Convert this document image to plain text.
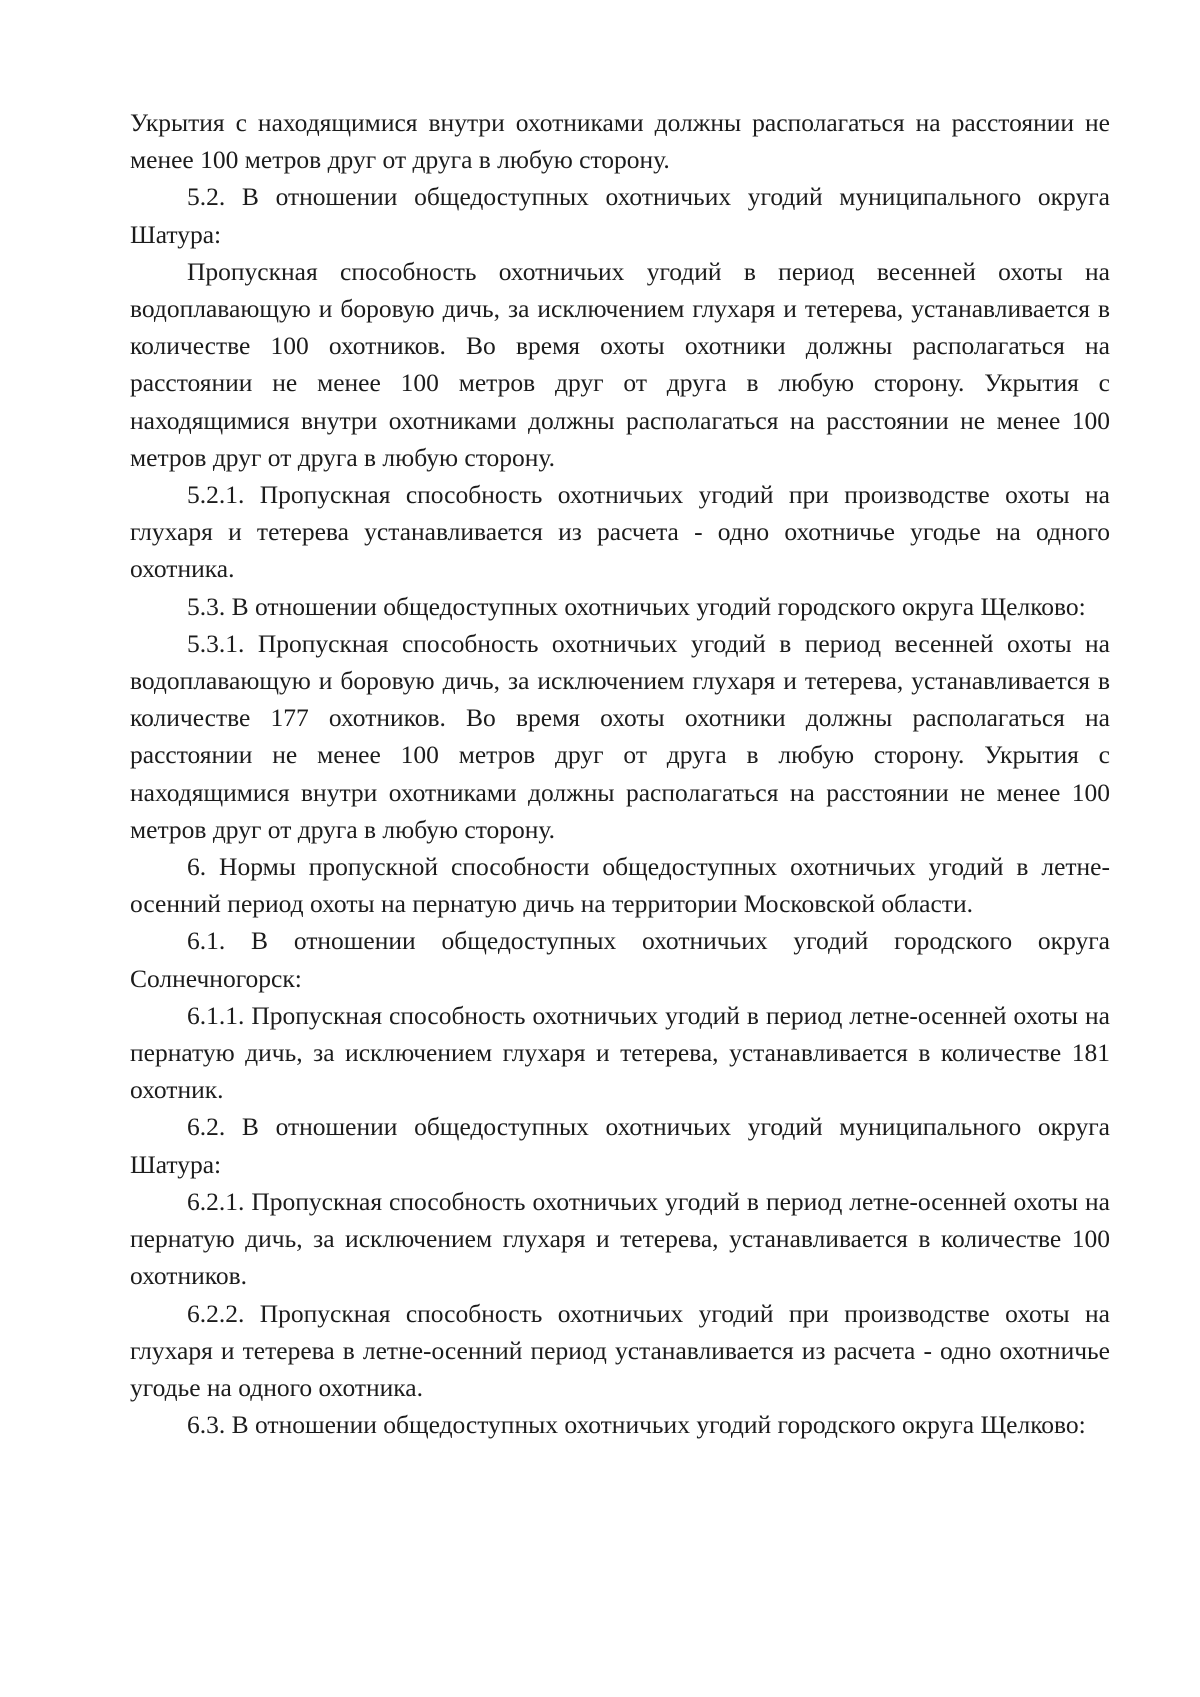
Укрытия с находящимися внутри охотниками должны располагаться на расстоянии не менее 100 метров друг от друга в любую сторону.

5.2. В отношении общедоступных охотничьих угодий муниципального округа Шатура:

Пропускная способность охотничьих угодий в период весенней охоты на водоплавающую и боровую дичь, за исключением глухаря и тетерева, устанавливается в количестве 100 охотников. Во время охоты охотники должны располагаться на расстоянии не менее 100 метров друг от друга в любую сторону. Укрытия с находящимися внутри охотниками должны располагаться на расстоянии не менее 100 метров друг от друга в любую сторону.

5.2.1. Пропускная способность охотничьих угодий при производстве охоты на глухаря и тетерева устанавливается из расчета - одно охотничье угодье на одного охотника.

5.3. В отношении общедоступных охотничьих угодий городского округа Щелково:

5.3.1. Пропускная способность охотничьих угодий в период весенней охоты на водоплавающую и боровую дичь, за исключением глухаря и тетерева, устанавливается в количестве 177 охотников. Во время охоты охотники должны располагаться на расстоянии не менее 100 метров друг от друга в любую сторону. Укрытия с находящимися внутри охотниками должны располагаться на расстоянии не менее 100 метров друг от друга в любую сторону.

6. Нормы пропускной способности общедоступных охотничьих угодий в летне-осенний период охоты на пернатую дичь на территории Московской области.

6.1. В отношении общедоступных охотничьих угодий городского округа Солнечногорск:

6.1.1. Пропускная способность охотничьих угодий в период летне-осенней охоты на пернатую дичь, за исключением глухаря и тетерева, устанавливается в количестве 181 охотник.

6.2. В отношении общедоступных охотничьих угодий муниципального округа Шатура:

6.2.1. Пропускная способность охотничьих угодий в период летне-осенней охоты на пернатую дичь, за исключением глухаря и тетерева, устанавливается в количестве 100 охотников.

6.2.2. Пропускная способность охотничьих угодий при производстве охоты на глухаря и тетерева в летне-осенний период устанавливается из расчета - одно охотничье угодье на одного охотника.

6.3. В отношении общедоступных охотничьих угодий городского округа Щелково:
